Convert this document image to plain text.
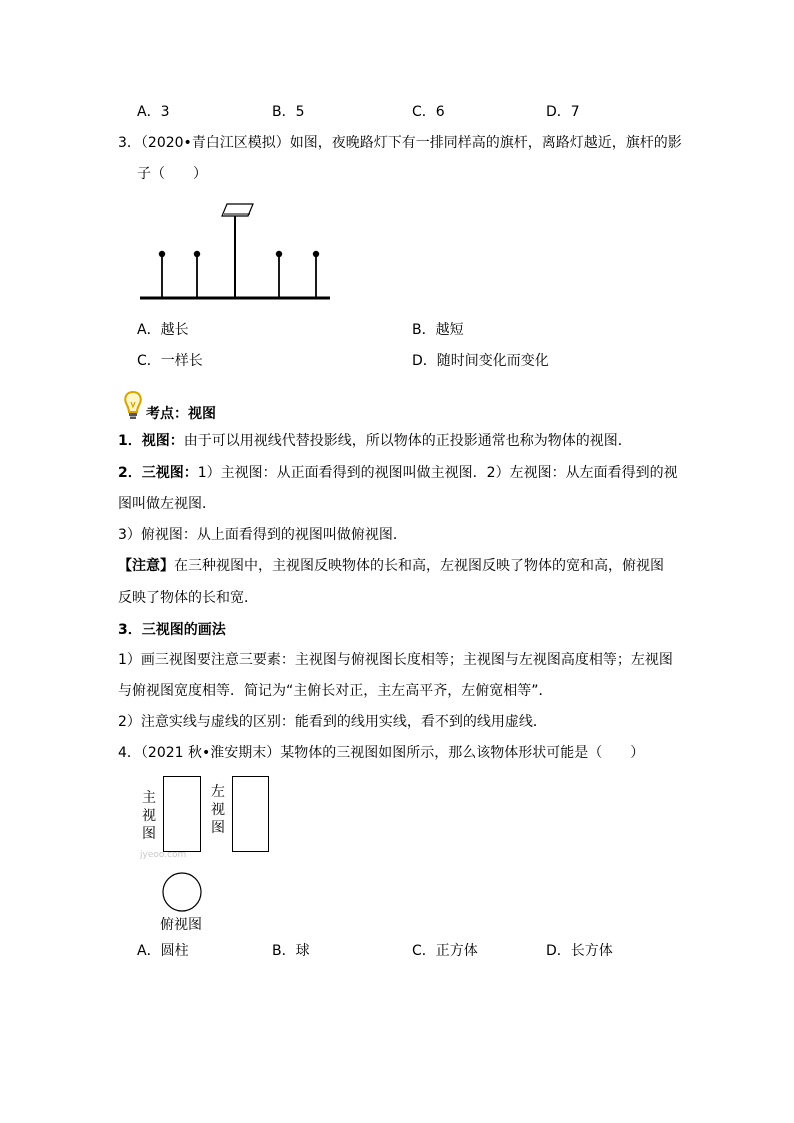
A．3	B．5	C．6	D．7
3．（2020•青白江区模拟）如图，夜晚路灯下有一排同样高的旗杆，离路灯越近，旗杆的影
子（　　）
A．越长	B．越短
C．一样长	D．随时间变化而变化
考点：视图
1．视图：由于可以用视线代替投影线，所以物体的正投影通常也称为物体的视图．
2．三视图：1）主视图：从正面看得到的视图叫做主视图．2）左视图：从左面看得到的视
图叫做左视图．
3）俯视图：从上面看得到的视图叫做俯视图．
【注意】在三种视图中，主视图反映物体的长和高，左视图反映了物体的宽和高，俯视图
反映了物体的长和宽．
3．三视图的画法
1）画三视图要注意三要素：主视图与俯视图长度相等；主视图与左视图高度相等；左视图
与俯视图宽度相等．简记为“主俯长对正，主左高平齐，左俯宽相等”．
2）注意实线与虚线的区别：能看到的线用实线，看不到的线用虚线．
4．（2021 秋•淮安期末）某物体的三视图如图所示，那么该物体形状可能是（　　）
主
视
图
左
视
图
jyeoo.com
俯视图
A．圆柱	B．球	C．正方体	D．长方体
